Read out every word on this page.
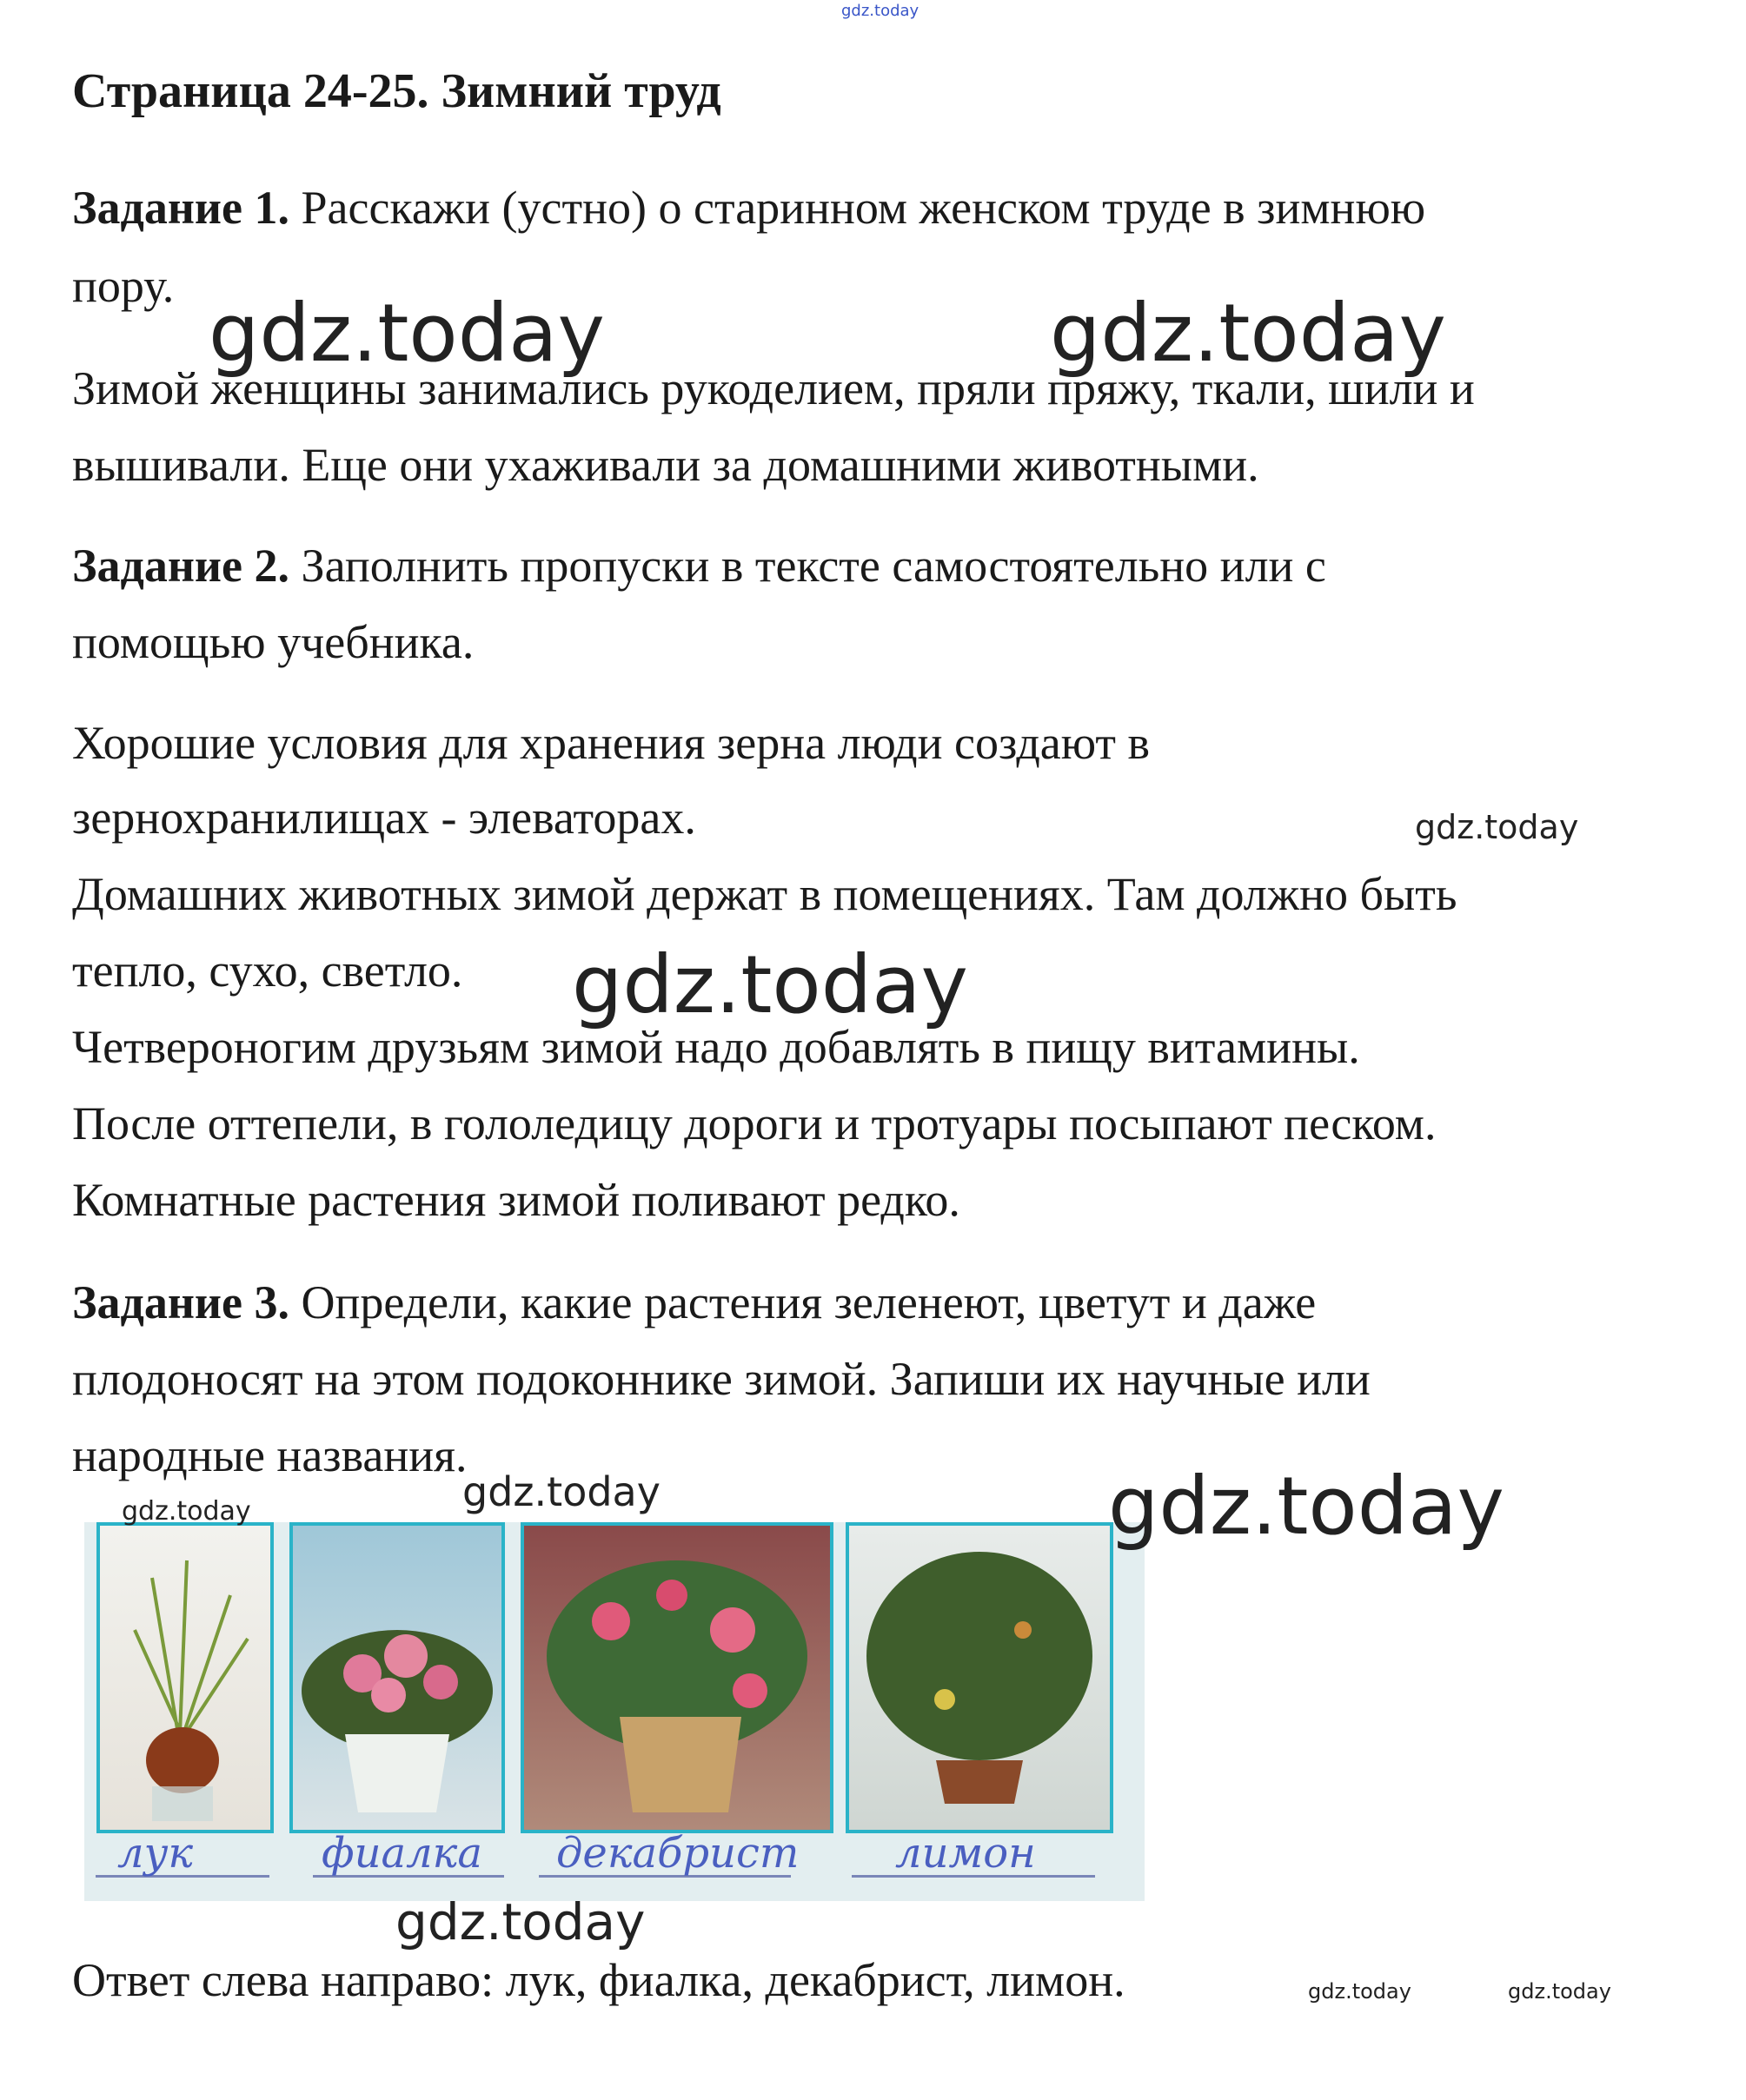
gdz.today
Страница 24-25. Зимний труд
Задание 1. Расскажи (устно) о старинном женском труде в зимнюю
пору.
Зимой женщины занимались рукоделием, пряли пряжу, ткали, шили и
вышивали. Еще они ухаживали за домашними животными.
Задание 2. Заполнить пропуски в тексте самостоятельно или с
помощью учебника.
Хорошие условия для хранения зерна люди создают в
зернохранилищах - элеваторах.
Домашних животных зимой держат в помещениях. Там должно быть
тепло, сухо, светло.
Четвероногим друзьям зимой надо добавлять в пищу витамины.
После оттепели, в гололедицу дороги и тротуары посыпают песком.
Комнатные растения зимой поливают редко.
Задание 3. Определи, какие растения зеленеют, цветут и даже
плодоносят на этом подоконнике зимой. Запиши их научные или
народные названия.
лук	фиалка декабрист лимон
Ответ слева направо: лук, фиалка, декабрист, лимон.
gdz.today	gdz.today
gdz.today
gdz.today
gdz.today	gdz.today	gdz.today
gdz.today
gdz.today	gdz.today
